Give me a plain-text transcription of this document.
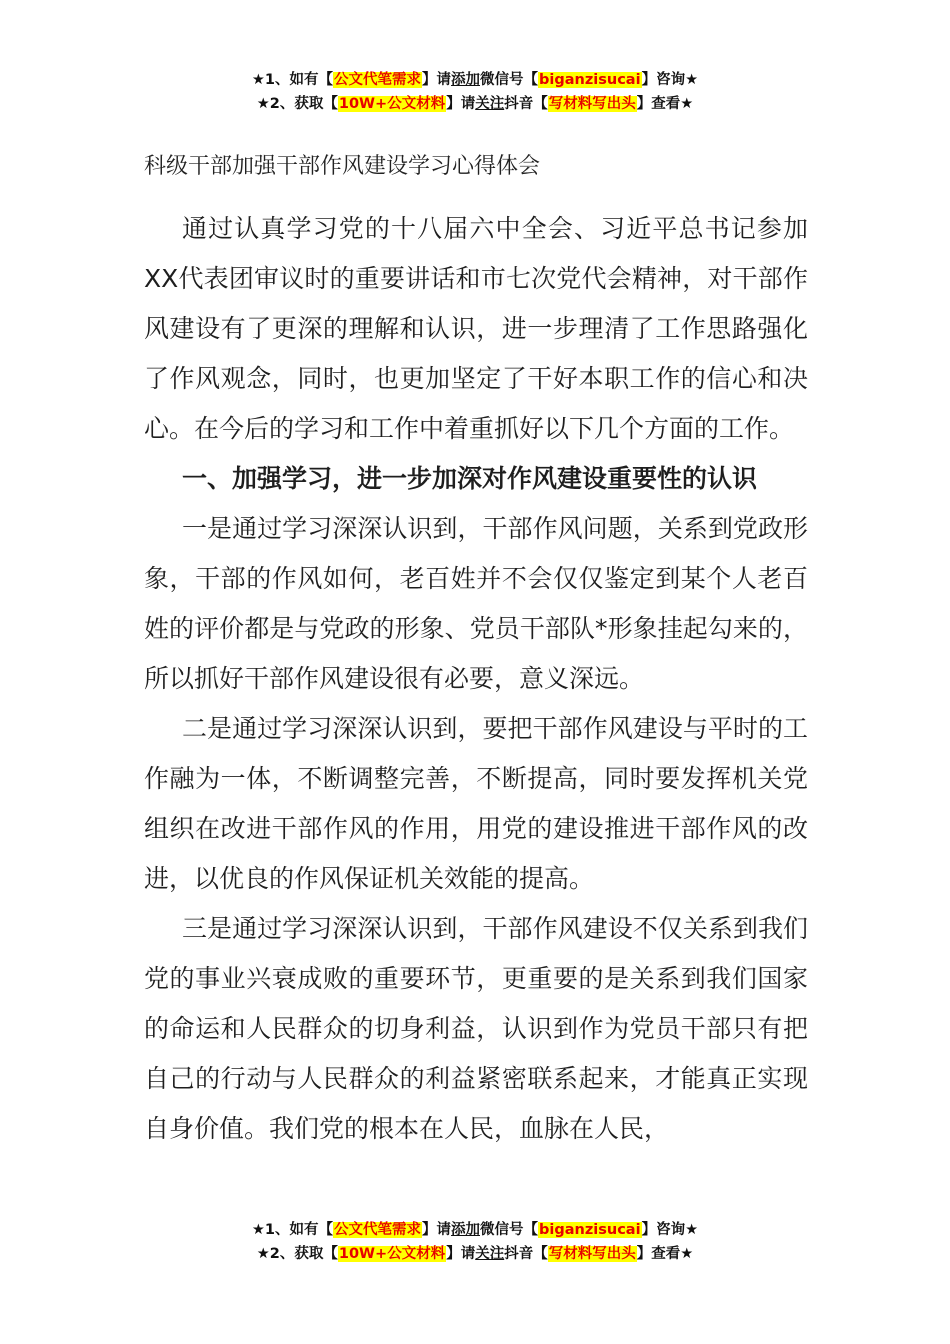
★1、如有【公文代笔需求】请添加微信号【biganzisucai】咨询★
★2、获取【10W+公文材料】请关注抖音【写材料写出头】查看★
科级干部加强干部作风建设学习心得体会

通过认真学习党的十八届六中全会、习近平总书记参加XX代表团审议时的重要讲话和市七次党代会精神，对干部作风建设有了更深的理解和认识，进一步理清了工作思路强化了作风观念，同时，也更加坚定了干好本职工作的信心和决心。在今后的学习和工作中着重抓好以下几个方面的工作。

一、加强学习，进一步加深对作风建设重要性的认识

一是通过学习深深认识到，干部作风问题，关系到党政形象，干部的作风如何，老百姓并不会仅仅鉴定到某个人老百姓的评价都是与党政的形象、党员干部队*形象挂起勾来的，所以抓好干部作风建设很有必要，意义深远。

二是通过学习深深认识到，要把干部作风建设与平时的工作融为一体，不断调整完善，不断提高，同时要发挥机关党组织在改进干部作风的作用，用党的建设推进干部作风的改进，以优良的作风保证机关效能的提高。

三是通过学习深深认识到，干部作风建设不仅关系到我们党的事业兴衰成败的重要环节，更重要的是关系到我们国家的命运和人民群众的切身利益，认识到作为党员干部只有把自己的行动与人民群众的利益紧密联系起来，才能真正实现自身价值。我们党的根本在人民，血脉在人民，

★1、如有【公文代笔需求】请添加微信号【biganzisucai】咨询★
★2、获取【10W+公文材料】请关注抖音【写材料写出头】查看★
